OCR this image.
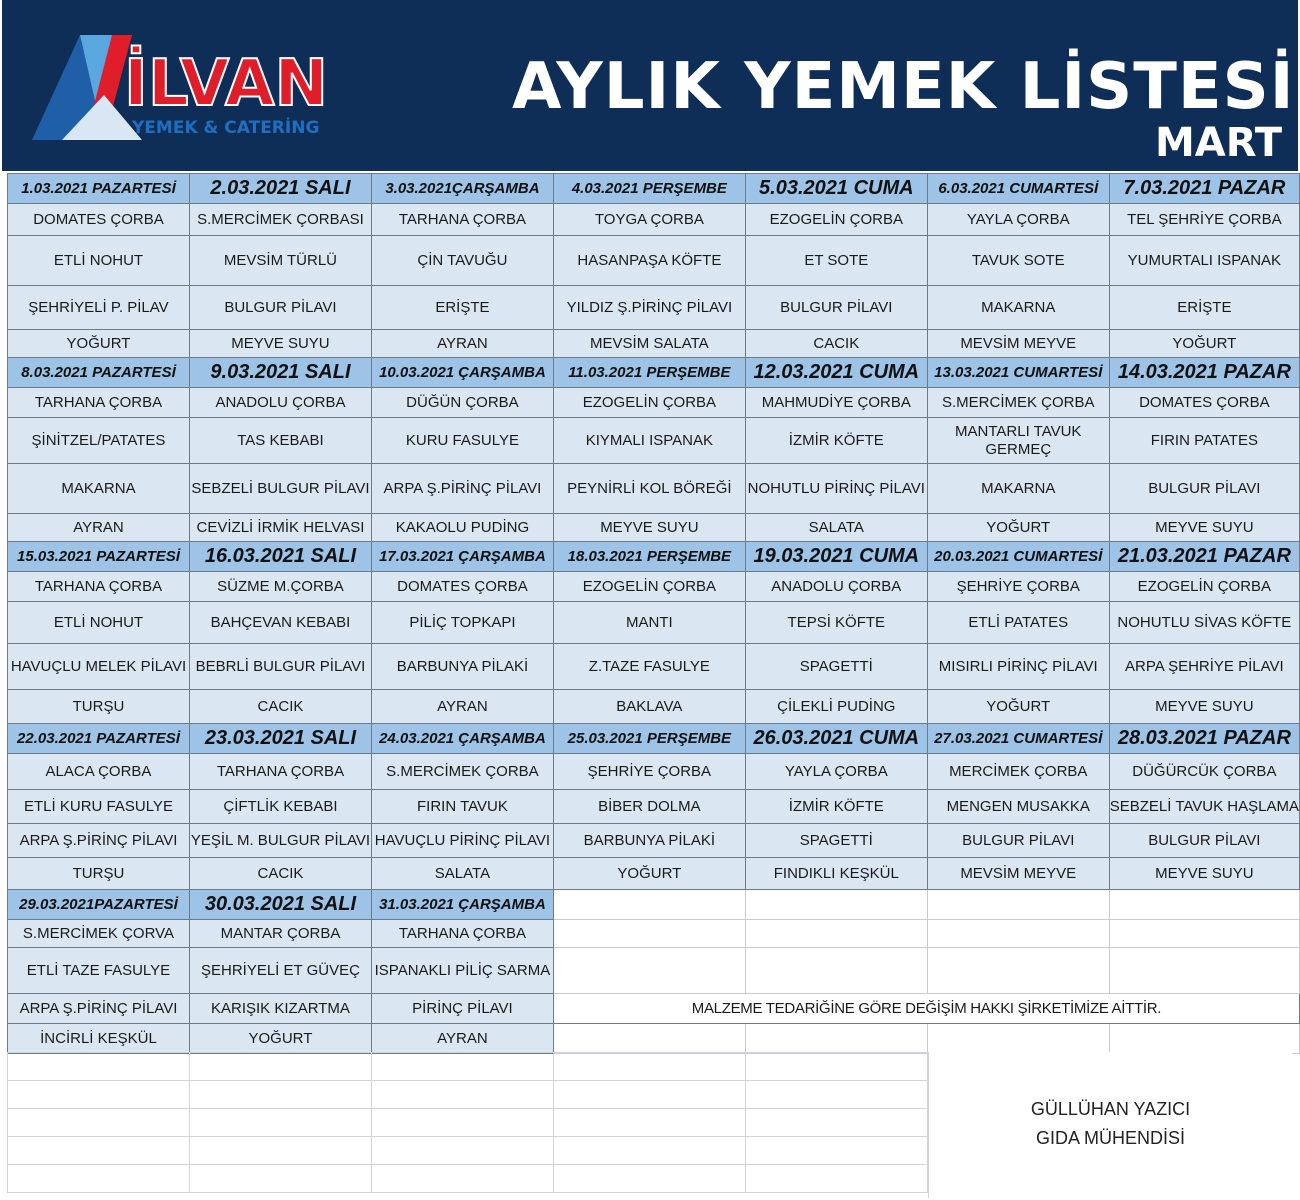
İLVAN
YEMEK & CATERİNG
AYLIK YEMEK LİSTESİ
MART
1.03.2021 PAZARTESİ	2.03.2021 SALI	3.03.2021ÇARŞAMBA	4.03.2021 PERŞEMBE	5.03.2021 CUMA	6.03.2021 CUMARTESİ	7.03.2021 PAZAR
DOMATES ÇORBA	S.MERCİMEK ÇORBASI	TARHANA ÇORBA	TOYGA ÇORBA	EZOGELİN ÇORBA	YAYLA ÇORBA	TEL ŞEHRİYE ÇORBA
ETLİ NOHUT	MEVSİM TÜRLÜ	ÇİN TAVUĞU	HASANPAŞA KÖFTE	ET SOTE	TAVUK SOTE	YUMURTALI ISPANAK
ŞEHRİYELİ P. PİLAV	BULGUR PİLAVI	ERİŞTE	YILDIZ Ş.PİRİNÇ PİLAVI	BULGUR PİLAVI	MAKARNA	ERİŞTE
YOĞURT	MEYVE SUYU	AYRAN	MEVSİM SALATA	CACIK	MEVSİM MEYVE	YOĞURT
8.03.2021 PAZARTESİ	9.03.2021 SALI	10.03.2021 ÇARŞAMBA	11.03.2021 PERŞEMBE	12.03.2021 CUMA	13.03.2021 CUMARTESİ	14.03.2021 PAZAR
TARHANA ÇORBA	ANADOLU ÇORBA	DÜĞÜN ÇORBA	EZOGELİN ÇORBA	MAHMUDİYE ÇORBA	S.MERCİMEK ÇORBA	DOMATES ÇORBA
ŞİNİTZEL/PATATES	TAS KEBABI	KURU FASULYE	KIYMALI ISPANAK	İZMİR KÖFTE	MANTARLI TAVUK GERMEÇ	FIRIN PATATES
MAKARNA	SEBZELİ BULGUR PİLAVI	ARPA Ş.PİRİNÇ PİLAVI	PEYNİRLİ KOL BÖREĞİ	NOHUTLU PİRİNÇ PİLAVI	MAKARNA	BULGUR PİLAVI
AYRAN	CEVİZLİ İRMİK HELVASI	KAKAOLU PUDİNG	MEYVE SUYU	SALATA	YOĞURT	MEYVE SUYU
15.03.2021 PAZARTESİ	16.03.2021 SALI	17.03.2021 ÇARŞAMBA	18.03.2021 PERŞEMBE	19.03.2021 CUMA	20.03.2021 CUMARTESİ	21.03.2021 PAZAR
TARHANA ÇORBA	SÜZME M.ÇORBA	DOMATES ÇORBA	EZOGELİN ÇORBA	ANADOLU ÇORBA	ŞEHRİYE ÇORBA	EZOGELİN ÇORBA
ETLİ NOHUT	BAHÇEVAN KEBABI	PİLİÇ TOPKAPI	MANTI	TEPSİ KÖFTE	ETLİ PATATES	NOHUTLU SİVAS KÖFTE
HAVUÇLU MELEK PİLAVI	BEBRLİ BULGUR PİLAVI	BARBUNYA PİLAKİ	Z.TAZE FASULYE	SPAGETTİ	MISIRLI PİRİNÇ PİLAVI	ARPA ŞEHRİYE PİLAVI
TURŞU	CACIK	AYRAN	BAKLAVA	ÇİLEKLİ PUDİNG	YOĞURT	MEYVE SUYU
22.03.2021 PAZARTESİ	23.03.2021 SALI	24.03.2021 ÇARŞAMBA	25.03.2021 PERŞEMBE	26.03.2021 CUMA	27.03.2021 CUMARTESİ	28.03.2021 PAZAR
ALACA ÇORBA	TARHANA ÇORBA	S.MERCİMEK ÇORBA	ŞEHRİYE ÇORBA	YAYLA ÇORBA	MERCİMEK ÇORBA	DÜĞÜRCÜK ÇORBA
ETLİ KURU FASULYE	ÇİFTLİK KEBABI	FIRIN TAVUK	BİBER DOLMA	İZMİR KÖFTE	MENGEN MUSAKKA	SEBZELİ TAVUK HAŞLAMA
ARPA Ş.PİRİNÇ PİLAVI	YEŞİL M. BULGUR PİLAVI	HAVUÇLU PİRİNÇ PİLAVI	BARBUNYA PİLAKİ	SPAGETTİ	BULGUR PİLAVI	BULGUR PİLAVI
TURŞU	CACIK	SALATA	YOĞURT	FINDIKLI KEŞKÜL	MEVSİM MEYVE	MEYVE SUYU
29.03.2021PAZARTESİ	30.03.2021 SALI	31.03.2021 ÇARŞAMBA				
S.MERCİMEK ÇORVA	MANTAR ÇORBA	TARHANA ÇORBA				
ETLİ TAZE FASULYE	ŞEHRİYELİ ET GÜVEÇ	ISPANAKLI PİLİÇ SARMA				
ARPA Ş.PİRİNÇ PİLAVI	KARIŞIK KIZARTMA	PİRİNÇ PİLAVI	MALZEME TEDARİĞİNE GÖRE DEĞİŞİM HAKKI ŞİRKETİMİZE AİTTİR.			
İNCİRLİ KEŞKÜL	YOĞURT	AYRAN				

GÜLLÜHAN YAZICI
GIDA MÜHENDİSİ
